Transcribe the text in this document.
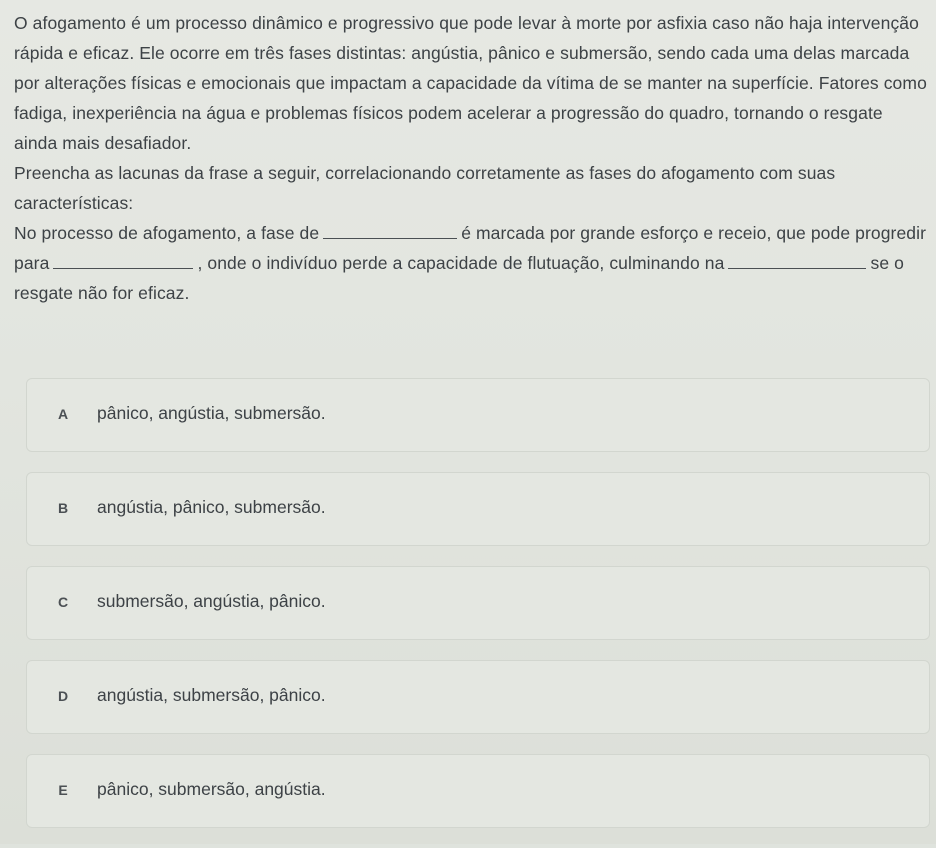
O afogamento é um processo dinâmico e progressivo que pode levar à morte por asfixia caso não haja intervenção rápida e eficaz. Ele ocorre em três fases distintas: angústia, pânico e submersão, sendo cada uma delas marcada por alterações físicas e emocionais que impactam a capacidade da vítima de se manter na superfície. Fatores como fadiga, inexperiência na água e problemas físicos podem acelerar a progressão do quadro, tornando o resgate ainda mais desafiador.

Preencha as lacunas da frase a seguir, correlacionando corretamente as fases do afogamento com suas características:

No processo de afogamento, a fase de	é marcada por grande esforço e receio, que pode progredir para	, onde o indivíduo perde a capacidade de flutuação, culminando na	se o resgate não for eficaz.

A pânico, angústia, submersão.
B angústia, pânico, submersão.
C submersão, angústia, pânico.
D angústia, submersão, pânico.
E pânico, submersão, angústia.
